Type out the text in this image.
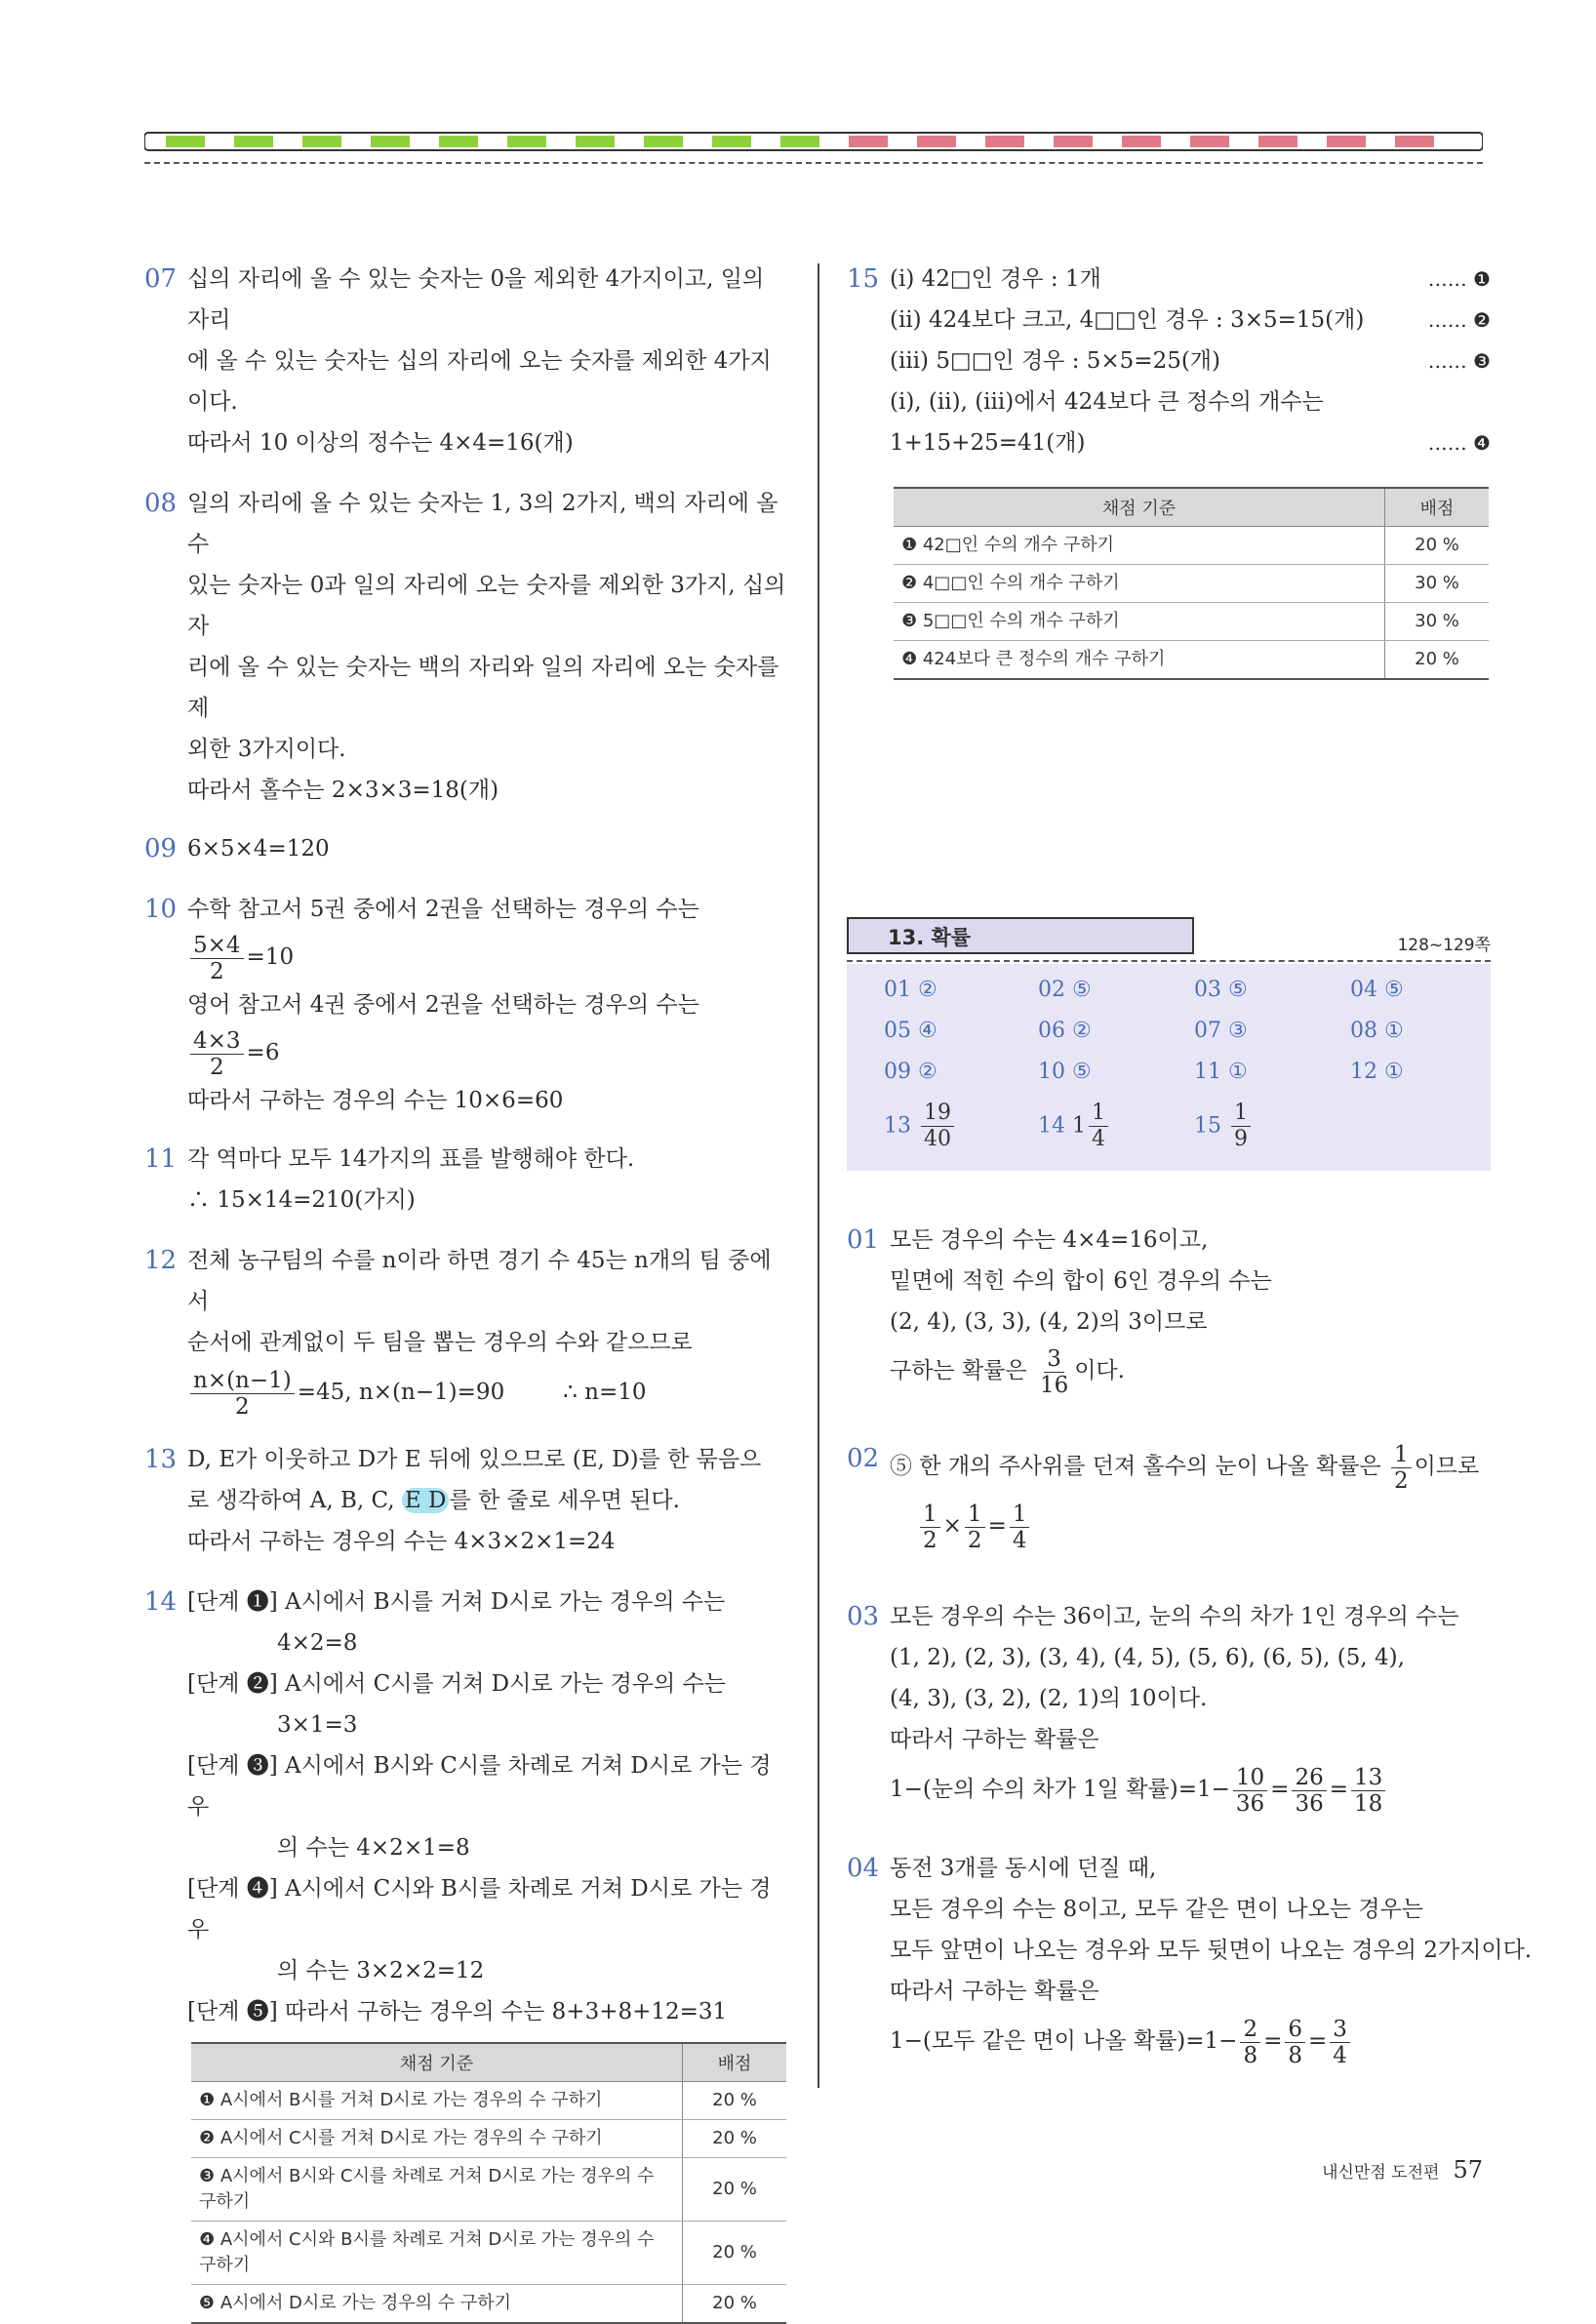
07 십의 자리에 올 수 있는 숫자는 0을 제외한 4가지이고, 일의 자리
에 올 수 있는 숫자는 십의 자리에 오는 숫자를 제외한 4가지이다.
따라서 10 이상의 정수는 4×4=16(개)
08 일의 자리에 올 수 있는 숫자는 1, 3의 2가지, 백의 자리에 올 수
있는 숫자는 0과 일의 자리에 오는 숫자를 제외한 3가지, 십의 자
리에 올 수 있는 숫자는 백의 자리와 일의 자리에 오는 숫자를 제
외한 3가지이다.
따라서 홀수는 2×3×3=18(개)
09 6×5×4=120
10 수학 참고서 5권 중에서 2권을 선택하는 경우의 수는
$\frac{5\times 4}{2} =10$
영어 참고서 4권 중에서 2권을 선택하는 경우의 수는
$\frac{4\times 3}{2} =6$
따라서 구하는 경우의 수는 10×6=60
11 각 역마다 모두 14가지의 표를 발행해야 한다.
∴ 15×14=210(가지)
12 전체 농구팀의 수를 n이라 하면 경기 수 45는 n개의 팀 중에서
순서에 관계없이 두 팀을 뽑는 경우의 수와 같으므로
$\frac{n\times(n-1)}{2} =45$, n×(n−1)=90	∴ n=10
13 D, E가 이웃하고 D가 E 뒤에 있으므로 (E, D)를 한 묶음으
로 생각하여 A, B, C, E D 를 한 줄로 세우면 된다.
따라서 구하는 경우의 수는 4×3×2×1=24
14 [단계 ❶] A시에서 B시를 거쳐 D시로 가는 경우의 수는
4×2=8
[단계 ❷] A시에서 C시를 거쳐 D시로 가는 경우의 수는
3×1=3
[단계 ❸] A시에서 B시와 C시를 차례로 거쳐 D시로 가는 경우
의 수는 4×2×1=8
[단계 ❹] A시에서 C시와 B시를 차례로 거쳐 D시로 가는 경우
의 수는 3×2×2=12
[단계 ❺] 따라서 구하는 경우의 수는 8+3+8+12=31
채점 기준	배점
❶ A시에서 B시를 거쳐 D시로 가는 경우의 수 구하기	20 %
❷ A시에서 C시를 거쳐 D시로 가는 경우의 수 구하기	20 %
❸ A시에서 B시와 C시를 차례로 거쳐 D시로 가는 경우의 수 구하기	20 %
❹ A시에서 C시와 B시를 차례로 거쳐 D시로 가는 경우의 수 구하기	20 %
❺ A시에서 D시로 가는 경우의 수 구하기	20 %
15 (ⅰ) 42□인 경우 : 1개	…… ❶
(ⅱ) 424보다 크고, 4□□인 경우 : 3×5=15(개)	…… ❷
(ⅲ) 5□□인 경우 : 5×5=25(개)	…… ❸
(ⅰ), (ⅱ), (ⅲ)에서 424보다 큰 정수의 개수는
1+15+25=41(개)	…… ❹
채점 기준	배점
❶ 42□인 수의 개수 구하기	20 %
❷ 4□□인 수의 개수 구하기	30 %
❸ 5□□인 수의 개수 구하기	30 %
❹ 424보다 큰 정수의 개수 구하기	20 %
13. 확률	128~129쪽
01 ②	02 ⑤	03 ⑤	04 ⑤
05 ④	06 ②	07 ③	08 ①
09 ②	10 ⑤	11 ①	12 ①
$13 \frac{19}{40}$	14 $1 \frac{1}{4}$	$15 \frac{1}{9}$
01 모든 경우의 수는 4×4=16이고,
밑면에 적힌 수의 합이 6인 경우의 수는
(2, 4), (3, 3), (4, 2)의 3이므로
구하는 확률은 $\frac{3}{16}$ 이다.
02 ⑤ 한 개의 주사위를 던져 홀수의 눈이 나올 확률은 $\frac{1}{2}$ 이므로
$\frac{1}{2} \times \frac{1}{2} = \frac{1}{4}$
03 모든 경우의 수는 36이고, 눈의 수의 차가 1인 경우의 수는
(1, 2), (2, 3), (3, 4), (4, 5), (5, 6), (6, 5), (5, 4),
(4, 3), (3, 2), (2, 1)의 10이다.
따라서 구하는 확률은
1−(눈의 수의 차가 1일 확률)$=1- \frac{10}{36} = \frac{26}{36} = \frac{13}{18}$
04 동전 3개를 동시에 던질 때,
모든 경우의 수는 8이고, 모두 같은 면이 나오는 경우는
모두 앞면이 나오는 경우와 모두 뒷면이 나오는 경우의 2가지이다.
따라서 구하는 확률은
1−(모두 같은 면이 나올 확률)$=1- \frac{2}{8} = \frac{6}{8} = \frac{3}{4}$
내신만점 도전편 57
